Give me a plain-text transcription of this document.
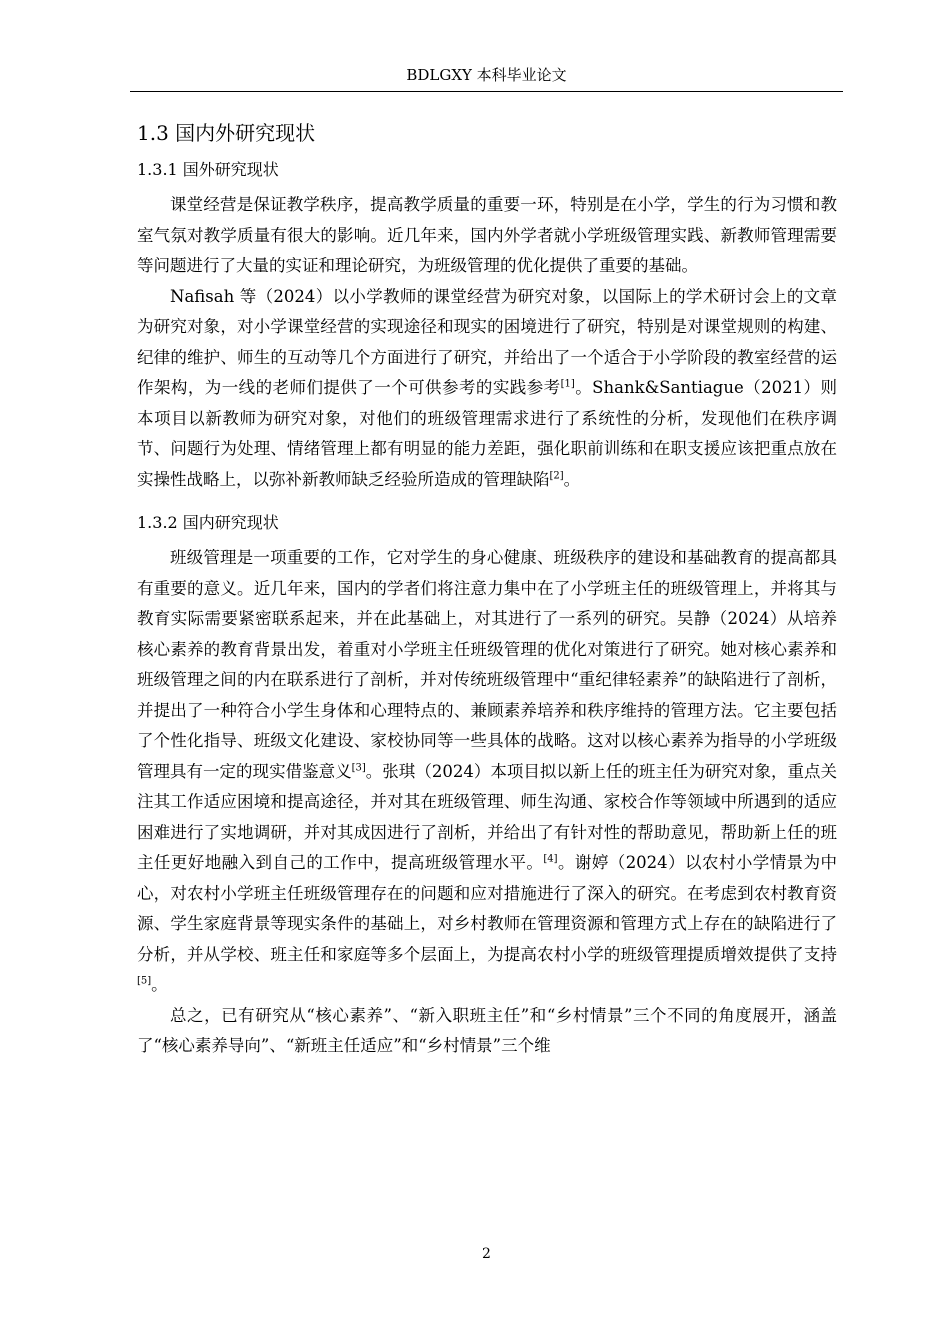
BDLGXY 本科毕业论文
1.3 国内外研究现状
1.3.1 国外研究现状

课堂经营是保证教学秩序，提高教学质量的重要一环，特别是在小学，学生的行为习惯和教室气氛对教学质量有很大的影响。近几年来，国内外学者就小学班级管理实践、新教师管理需要等问题进行了大量的实证和理论研究，为班级管理的优化提供了重要的基础。

Nafisah 等（2024）以小学教师的课堂经营为研究对象，以国际上的学术研讨会上的文章为研究对象，对小学课堂经营的实现途径和现实的困境进行了研究，特别是对课堂规则的构建、纪律的维护、师生的互动等几个方面进行了研究，并给出了一个适合于小学阶段的教室经营的运作架构，为一线的老师们提供了一个可供参考的实践参考[1]。Shank&Santiague（2021）则本项目以新教师为研究对象，对他们的班级管理需求进行了系统性的分析，发现他们在秩序调节、问题行为处理、情绪管理上都有明显的能力差距，强化职前训练和在职支援应该把重点放在实操性战略上，以弥补新教师缺乏经验所造成的管理缺陷[2]。

1.3.2 国内研究现状

班级管理是一项重要的工作，它对学生的身心健康、班级秩序的建设和基础教育的提高都具有重要的意义。近几年来，国内的学者们将注意力集中在了小学班主任的班级管理上，并将其与教育实际需要紧密联系起来，并在此基础上，对其进行了一系列的研究。吴静（2024）从培养核心素养的教育背景出发，着重对小学班主任班级管理的优化对策进行了研究。她对核心素养和班级管理之间的内在联系进行了剖析，并对传统班级管理中“重纪律轻素养”的缺陷进行了剖析，并提出了一种符合小学生身体和心理特点的、兼顾素养培养和秩序维持的管理方法。它主要包括了个性化指导、班级文化建设、家校协同等一些具体的战略。这对以核心素养为指导的小学班级管理具有一定的现实借鉴意义[3]。张琪（2024）本项目拟以新上任的班主任为研究对象，重点关注其工作适应困境和提高途径，并对其在班级管理、师生沟通、家校合作等领域中所遇到的适应困难进行了实地调研，并对其成因进行了剖析，并给出了有针对性的帮助意见，帮助新上任的班主任更好地融入到自己的工作中，提高班级管理水平。[4]。谢婷（2024）以农村小学情景为中心，对农村小学班主任班级管理存在的问题和应对措施进行了深入的研究。在考虑到农村教育资源、学生家庭背景等现实条件的基础上，对乡村教师在管理资源和管理方式上存在的缺陷进行了分析，并从学校、班主任和家庭等多个层面上，为提高农村小学的班级管理提质增效提供了支持[5]。

总之，已有研究从“核心素养”、“新入职班主任”和“乡村情景”三个不同的角度展开，涵盖了“核心素养导向”、“新班主任适应”和“乡村情景”三个维

2
